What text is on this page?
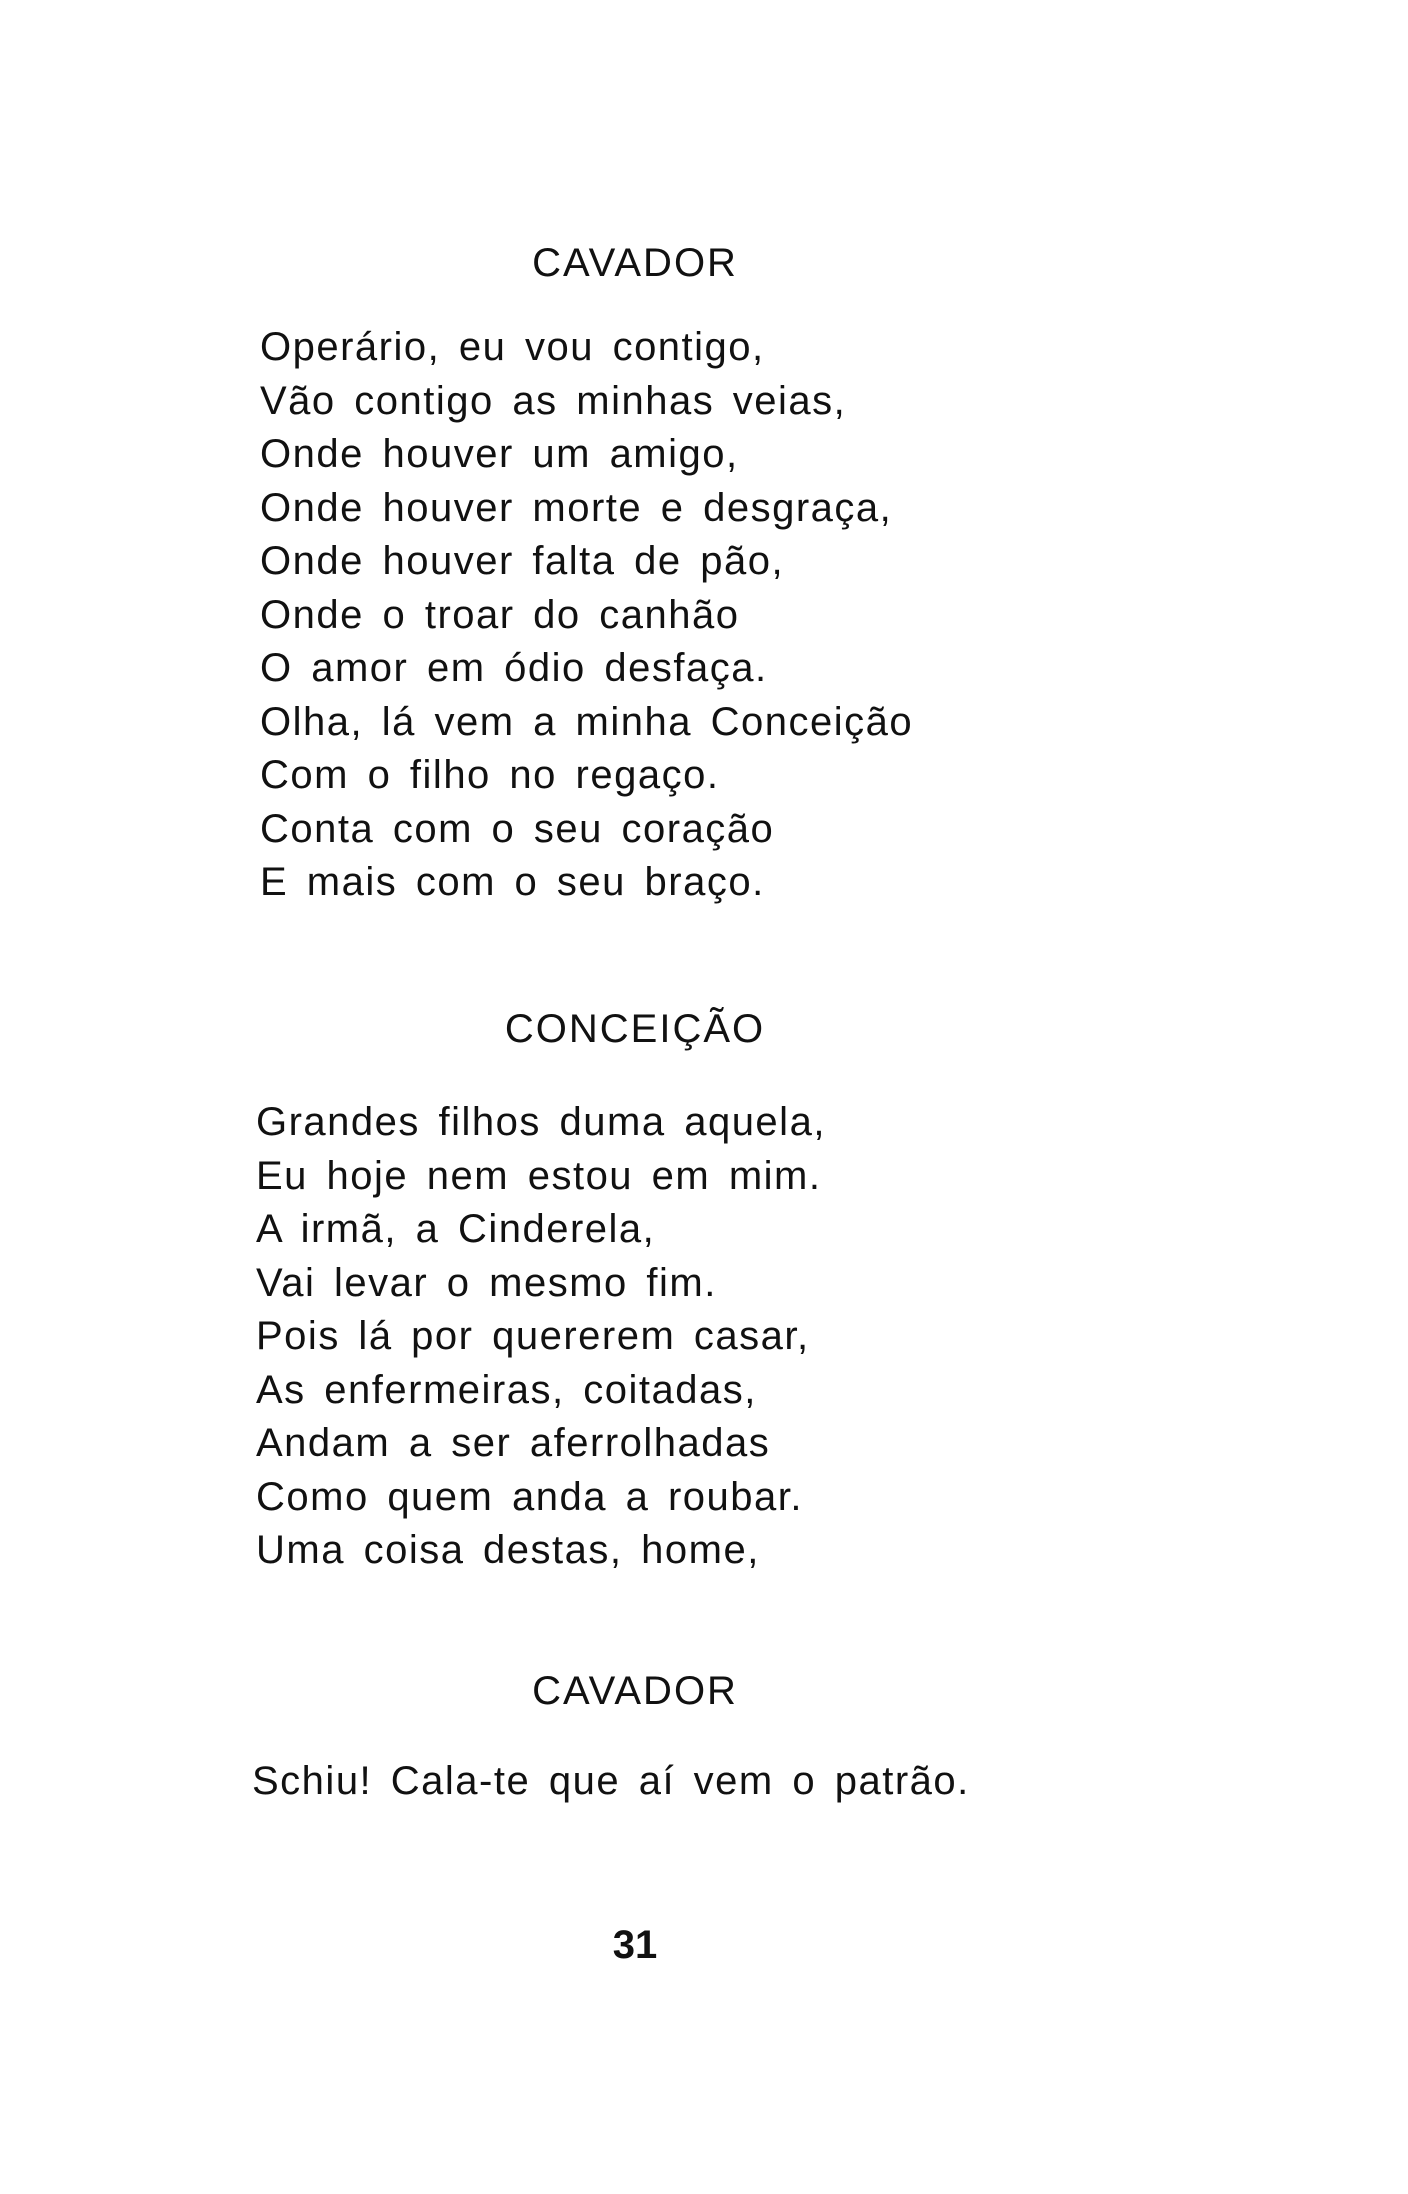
CAVADOR
Operário, eu vou contigo,
Vão contigo as minhas veias,
Onde houver um amigo,
Onde houver morte e desgraça,
Onde houver falta de pão,
Onde o troar do canhão
O amor em ódio desfaça.
Olha, lá vem a minha Conceição
Com o filho no regaço.
Conta com o seu coração
E mais com o seu braço.
CONCEIÇÃO
Grandes filhos duma aquela,
Eu hoje nem estou em mim.
A irmã, a Cinderela,
Vai levar o mesmo fim.
Pois lá por quererem casar,
As enfermeiras, coitadas,
Andam a ser aferrolhadas
Como quem anda a roubar.
Uma coisa destas, home,
CAVADOR
Schiu! Cala-te que aí vem o patrão.
31
